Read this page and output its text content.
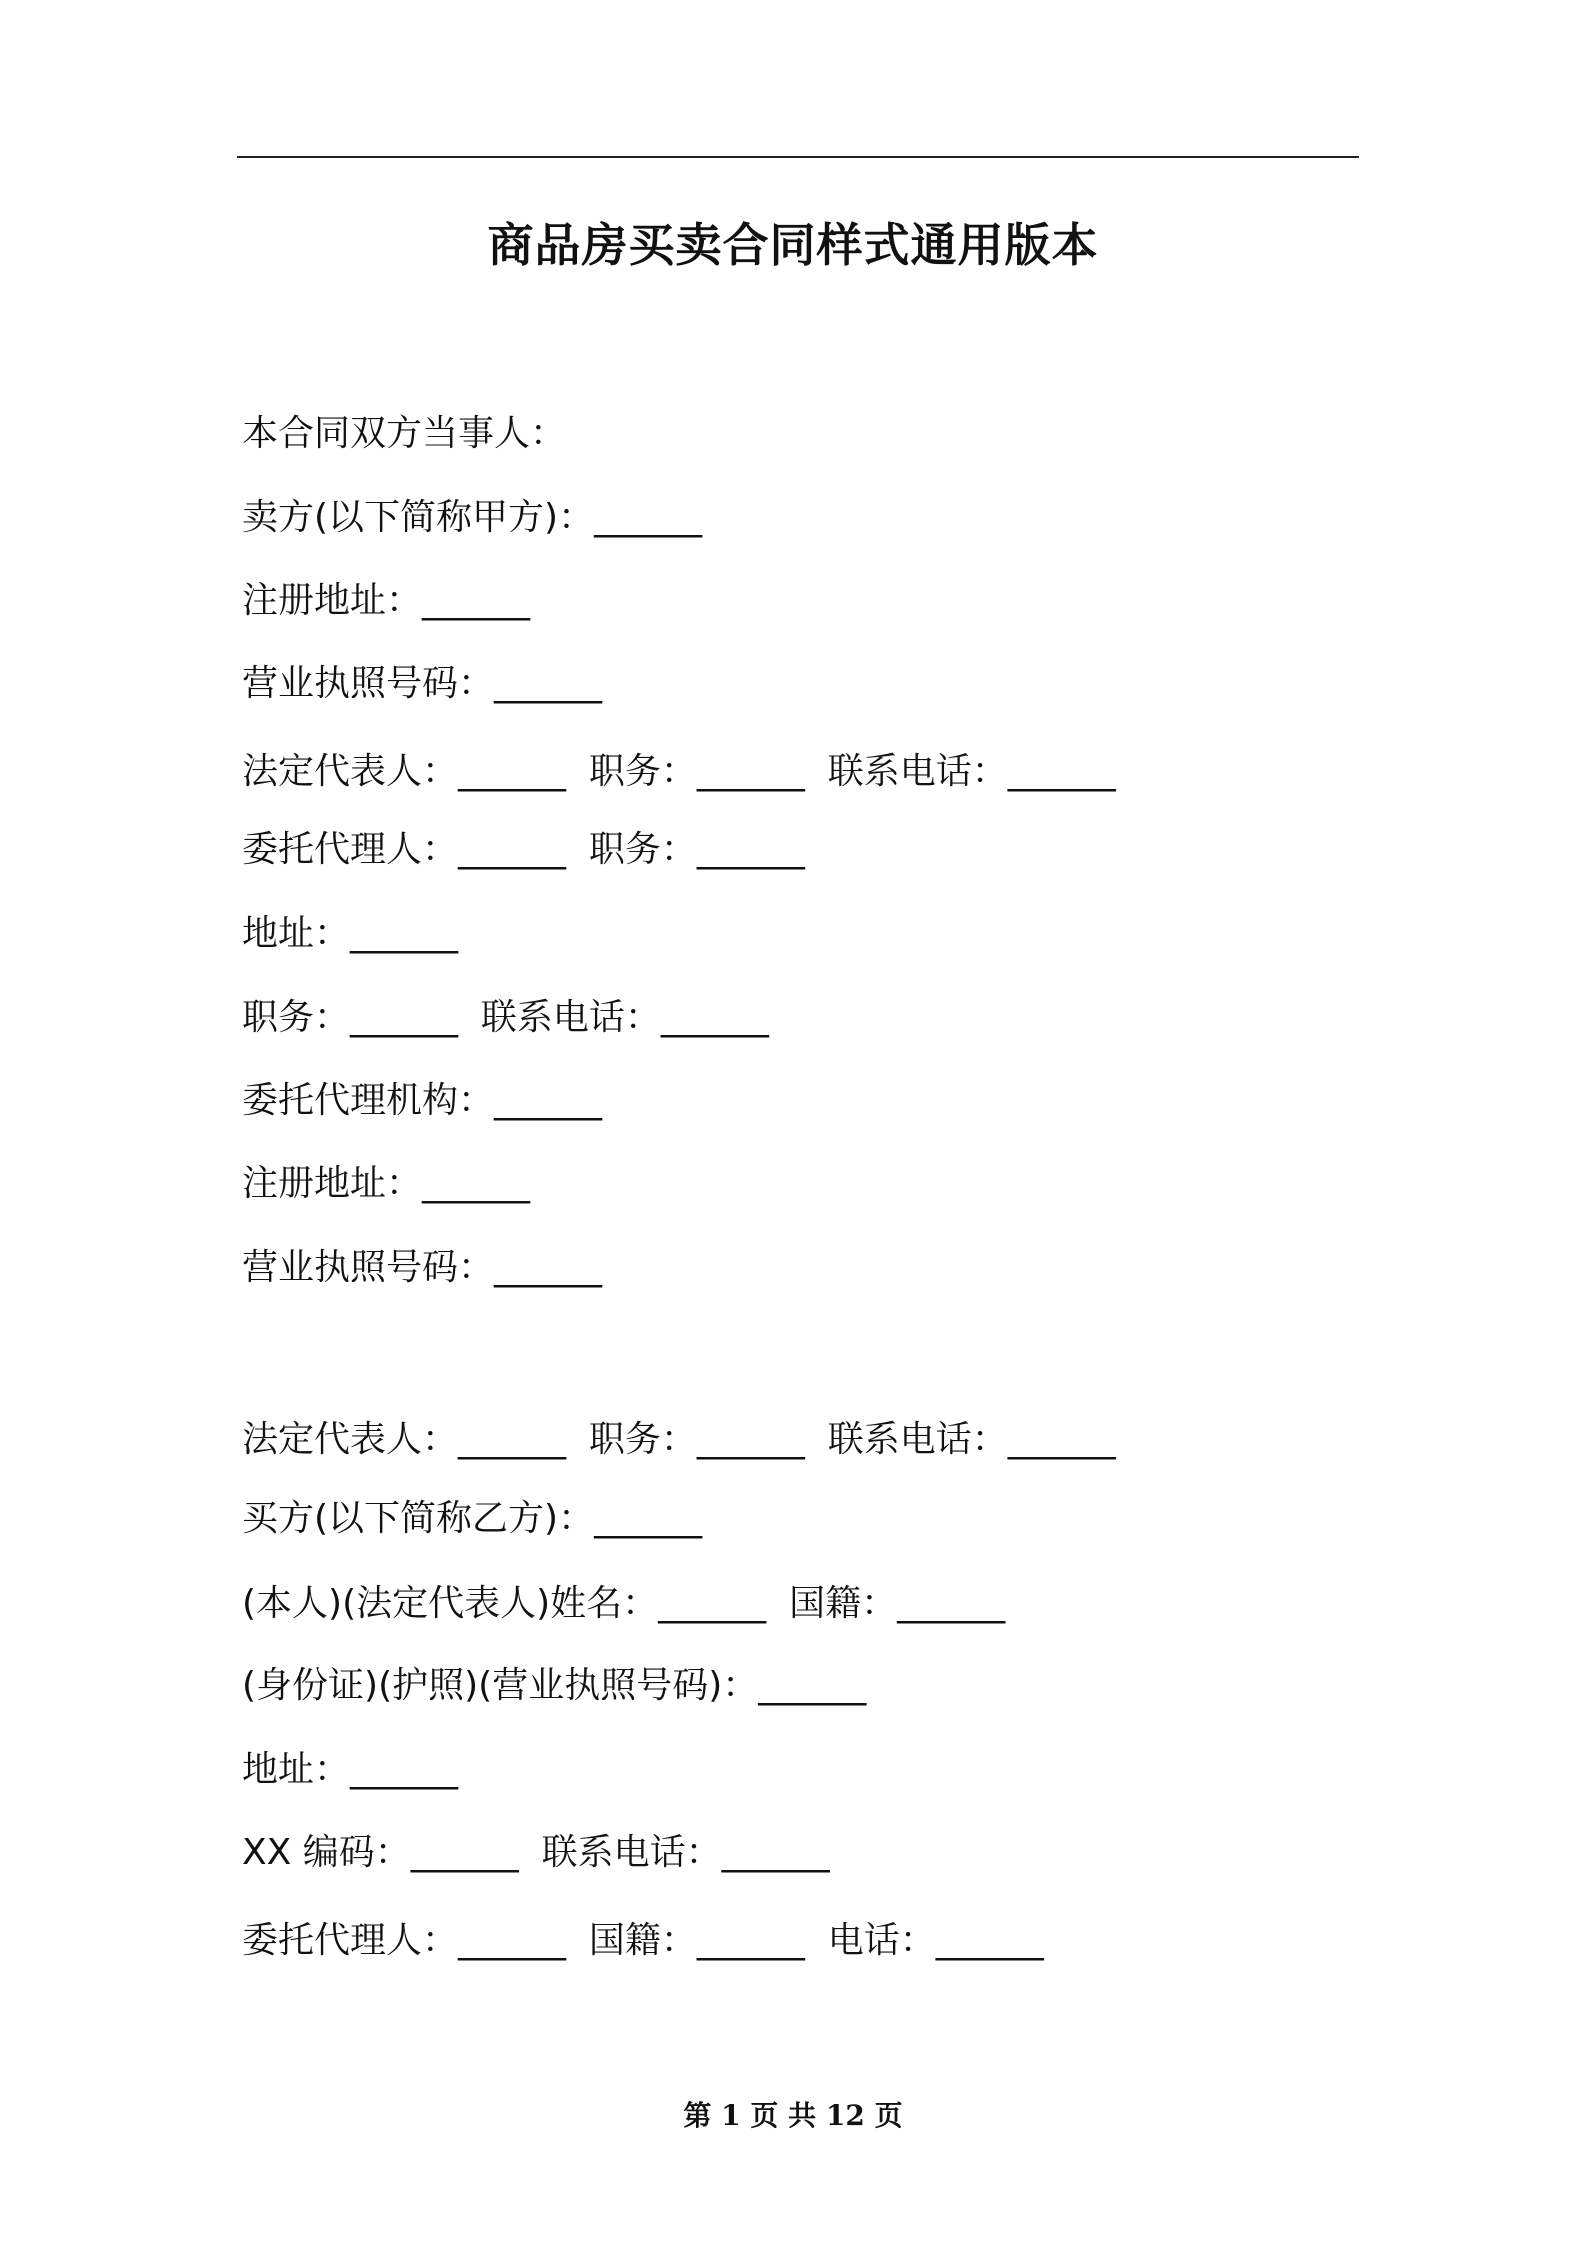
商品房买卖合同样式通用版本
本合同双方当事人：
卖方(以下简称甲方)：______
注册地址：______
营业执照号码：______
法定代表人：______  职务：______  联系电话：______
委托代理人：______  职务：______
地址：______
职务：______  联系电话：______
委托代理机构：______
注册地址：______
营业执照号码：______
法定代表人：______  职务：______  联系电话：______
买方(以下简称乙方)：______
(本人)(法定代表人)姓名：______  国籍：______
(身份证)(护照)(营业执照号码)：______
地址：______
XX 编码：______  联系电话：______
委托代理人：______  国籍：______  电话：______
第 1 页 共 12 页
